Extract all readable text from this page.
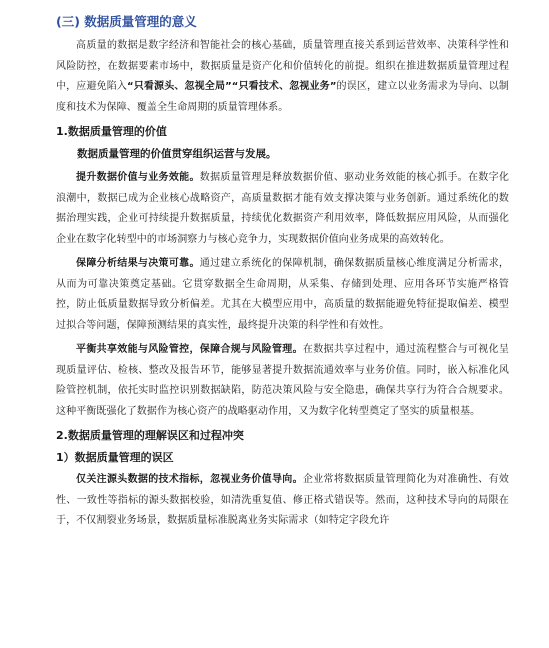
(三) 数据质量管理的意义

高质量的数据是数字经济和智能社会的核心基础，质量管理直接关系到运营效率、决策科学性和风险防控，在数据要素市场中，数据质量是资产化和价值转化的前提。组织在推进数据质量管理过程中，应避免陷入“只看源头、忽视全局”“只看技术、忽视业务”的误区，建立以业务需求为导向、以制度和技术为保障、覆盖全生命周期的质量管理体系。

1.数据质量管理的价值

数据质量管理的价值贯穿组织运营与发展。

提升数据价值与业务效能。数据质量管理是释放数据价值、驱动业务效能的核心抓手。在数字化浪潮中，数据已成为企业核心战略资产，高质量数据才能有效支撑决策与业务创新。通过系统化的数据治理实践，企业可持续提升数据质量，持续优化数据资产利用效率，降低数据应用风险，从而强化企业在数字化转型中的市场洞察力与核心竞争力，实现数据价值向业务成果的高效转化。

保障分析结果与决策可靠。通过建立系统化的保障机制，确保数据质量核心维度满足分析需求，从而为可靠决策奠定基础。它贯穿数据全生命周期，从采集、存储到处理、应用各环节实施严格管控，防止低质量数据导致分析偏差。尤其在大模型应用中，高质量的数据能避免特征提取偏差、模型过拟合等问题，保障预测结果的真实性，最终提升决策的科学性和有效性。

平衡共享效能与风险管控，保障合规与风险管理。在数据共享过程中，通过流程整合与可视化呈现质量评估、检核、整改及报告环节，能够显著提升数据流通效率与业务价值。同时，嵌入标准化风险管控机制，依托实时监控识别数据缺陷，防范决策风险与安全隐患，确保共享行为符合合规要求。这种平衡既强化了数据作为核心资产的战略驱动作用，又为数字化转型奠定了坚实的质量根基。

2.数据质量管理的理解误区和过程冲突
1）数据质量管理的误区

仅关注源头数据的技术指标，忽视业务价值导向。企业常将数据质量管理简化为对准确性、有效性、一致性等指标的源头数据校验，如清洗重复值、修正格式错误等。然而，这种技术导向的局限在于，不仅割裂业务场景，数据质量标准脱离业务实际需求（如特定字段允许
